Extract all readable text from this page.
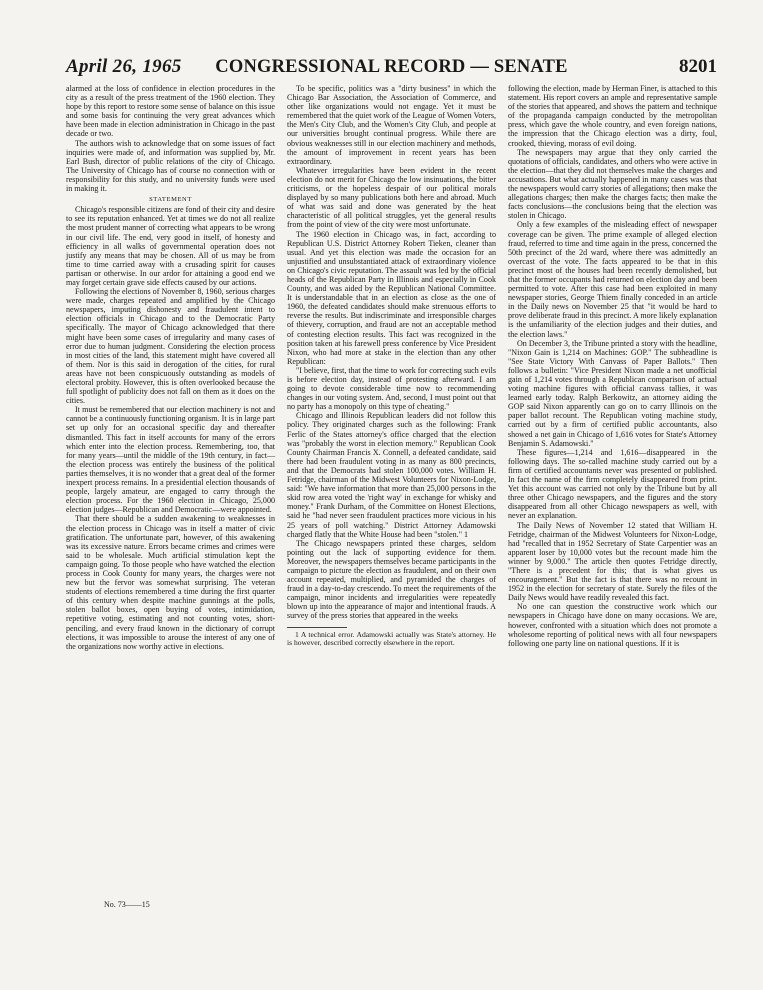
April 26, 1965	CONGRESSIONAL RECORD — SENATE	8201

alarmed at the loss of confidence in election procedures in the city as a result of the press treatment of the 1960 election. They hope by this report to restore some sense of balance on this issue and some basis for continuing the very great advances which have been made in election administration in Chicago in the past decade or two.

The authors wish to acknowledge that on some issues of fact inquiries were made of, and information was supplied by, Mr. Earl Bush, director of public relations of the city of Chicago. The University of Chicago has of course no connection with or responsibility for this study, and no university funds were used in making it.

STATEMENT

Chicago's responsible citizens are fond of their city and desire to see its reputation enhanced. Yet at times we do not all realize the most prudent manner of correcting what appears to be wrong in our civil life. The end, very good in itself, of honesty and efficiency in all walks of governmental operation does not justify any means that may be chosen. All of us may be from time to time carried away with a crusading spirit for causes partisan or otherwise. In our ardor for attaining a good end we may forget certain grave side effects caused by our actions.

Following the elections of November 8, 1960, serious charges were made, charges repeated and amplified by the Chicago newspapers, imputing dishonesty and fraudulent intent to election officials in Chicago and to the Democratic Party specifically. The mayor of Chicago acknowledged that there might have been some cases of irregularity and many cases of error due to human judgment. Considering the election process in most cities of the land, this statement might have covered all of them. Nor is this said in derogation of the cities, for rural areas have not been conspicuously outstanding as models of electoral probity. However, this is often overlooked because the full spotlight of publicity does not fall on them as it does on the cities.

It must be remembered that our election machinery is not and cannot be a continuously functioning organism. It is in large part set up only for an occasional specific day and thereafter dismantled. This fact in itself accounts for many of the errors which enter into the election process. Remembering, too, that for many years—until the middle of the 19th century, in fact—the election process was entirely the business of the political parties themselves, it is no wonder that a great deal of the former inexpert process remains. In a presidential election thousands of people, largely amateur, are engaged to carry through the election process. For the 1960 election in Chicago, 25,000 election judges—Republican and Democratic—were appointed.

That there should be a sudden awakening to weaknesses in the election process in Chicago was in itself a matter of civic gratification. The unfortunate part, however, of this awakening was its excessive nature. Errors became crimes and crimes were said to be wholesale. Much artificial stimulation kept the campaign going. To those people who have watched the election process in Cook County for many years, the charges were not new but the fervor was somewhat surprising. The veteran students of elections remembered a time during the first quarter of this century when despite machine gunnings at the polls, stolen ballot boxes, open buying of votes, intimidation, repetitive voting, estimating and not counting votes, short-penciling, and every fraud known in the dictionary of corrupt elections, it was impossible to arouse the interest of any one of the organizations now worthy active in elections.

To be specific, politics was a "dirty business" in which the Chicago Bar Association, the Association of Commerce, and other like organizations would not engage. Yet it must be remembered that the quiet work of the League of Women Voters, the Men's City Club, and the Women's City Club, and people at our universities brought continual progress. While there are obvious weaknesses still in our election machinery and methods, the amount of improvement in recent years has been extraordinary.

Whatever irregularities have been evident in the recent election do not merit for Chicago the low insinuations, the bitter criticisms, or the hopeless despair of our political morals displayed by so many publications both here and abroad. Much of what was said and done was generated by the heat characteristic of all political struggles, yet the general results from the point of view of the city were most unfortunate.

The 1960 election in Chicago was, in fact, according to Republican U.S. District Attorney Robert Tieken, cleaner than usual. And yet this election was made the occasion for an unjustified and unsubstantiated attack of extraordinary violence on Chicago's civic reputation. The assault was led by the official heads of the Republican Party in Illinois and especially in Cook County, and was aided by the Republican National Committee. It is understandable that in an election as close as the one of 1960, the defeated candidates should make strenuous efforts to reverse the results. But indiscriminate and irresponsible charges of thievery, corruption, and fraud are not an acceptable method of contesting election results. This fact was recognized in the position taken at his farewell press conference by Vice President Nixon, who had more at stake in the election than any other Republican:

"I believe, first, that the time to work for correcting such evils is before election day, instead of protesting afterward. I am going to devote considerable time now to recommending changes in our voting system. And, second, I must point out that no party has a monopoly on this type of cheating."

Chicago and Illinois Republican leaders did not follow this policy. They originated charges such as the following: Frank Ferlic of the States attorney's office charged that the election was "probably the worst in election memory." Republican Cook County Chairman Francis X. Connell, a defeated candidate, said there had been fraudulent voting in as many as 800 precincts, and that the Democrats had stolen 100,000 votes. William H. Fetridge, chairman of the Midwest Volunteers for Nixon-Lodge, said: "We have information that more than 25,000 persons in the skid row area voted the 'right way' in exchange for whisky and money." Frank Durham, of the Committee on Honest Elections, said he "had never seen fraudulent practices more vicious in his 25 years of poll watching." District Attorney Adamowski charged flatly that the White House had been "stolen." 1

The Chicago newspapers printed these charges, seldom pointing out the lack of supporting evidence for them. Moreover, the newspapers themselves became participants in the campaign to picture the election as fraudulent, and on their own account repeated, multiplied, and pyramided the charges of fraud in a day-to-day crescendo. To meet the requirements of the campaign, minor incidents and irregularities were repeatedly blown up into the appearance of major and intentional frauds. A survey of the press stories that appeared in the weeks

1 A technical error. Adamowski actually was State's attorney. He is however, described correctly elsewhere in the report.

following the election, made by Herman Finer, is attached to this statement. His report covers an ample and representative sample of the stories that appeared, and shows the pattern and technique of the propaganda campaign conducted by the metropolitan press, which gave the whole country, and even foreign nations, the impression that the Chicago election was a dirty, foul, crooked, thieving, morass of evil doing.

The newspapers may argue that they only carried the quotations of officials, candidates, and others who were active in the election—that they did not themselves make the charges and accusations. But what actually happened in many cases was that the newspapers would carry stories of allegations; then make the allegations charges; then make the charges facts; then make the facts conclusions—the conclusions being that the election was stolen in Chicago.

Only a few examples of the misleading effect of newspaper coverage can be given. The prime example of alleged election fraud, referred to time and time again in the press, concerned the 50th precinct of the 2d ward, where there was admittedly an overcast of the vote. The facts appeared to be that in this precinct most of the houses had been recently demolished, but that the former occupants had returned on election day and been permitted to vote. After this case had been exploited in many newspaper stories, George Thiem finally conceded in an article in the Daily news on November 25 that "it would be hard to prove deliberate fraud in this precinct. A more likely explanation is the unfamiliarity of the election judges and their duties, and the election laws."

On December 3, the Tribune printed a story with the headline, "Nixon Gain is 1,214 on Machines: GOP." The subheadline is "See State Victory With Canvass of Paper Ballots." Then follows a bulletin: "Vice President Nixon made a net unofficial gain of 1,214 votes through a Republican comparison of actual voting machine figures with official canvass tallies, it was learned early today. Ralph Berkowitz, an attorney aiding the GOP said Nixon apparently can go on to carry Illinois on the paper ballot recount. The Republican voting machine study, carried out by a firm of certified public accountants, also showed a net gain in Chicago of 1,616 votes for State's Attorney Benjamin S. Adamowski."

These figures—1,214 and 1,616—disappeared in the following days. The so-called machine study carried out by a firm of certified accountants never was presented or published. In fact the name of the firm completely disappeared from print. Yet this account was carried not only by the Tribune but by all three other Chicago newspapers, and the figures and the story disappeared from all other Chicago newspapers as well, with never an explanation.

The Daily News of November 12 stated that William H. Fetridge, chairman of the Midwest Volunteers for Nixon-Lodge, had "recalled that in 1952 Secretary of State Carpentier was an apparent loser by 10,000 votes but the recount made him the winner by 9,000." The article then quotes Fetridge directly, "There is a precedent for this; that is what gives us encouragement." But the fact is that there was no recount in 1952 in the election for secretary of state. Surely the files of the Daily News would have readily revealed this fact.

No one can question the constructive work which our newspapers in Chicago have done on many occasions. We are, however, confronted with a situation which does not promote a wholesome reporting of political news with all four newspapers following one party line on national questions. If it is

No. 73——15
